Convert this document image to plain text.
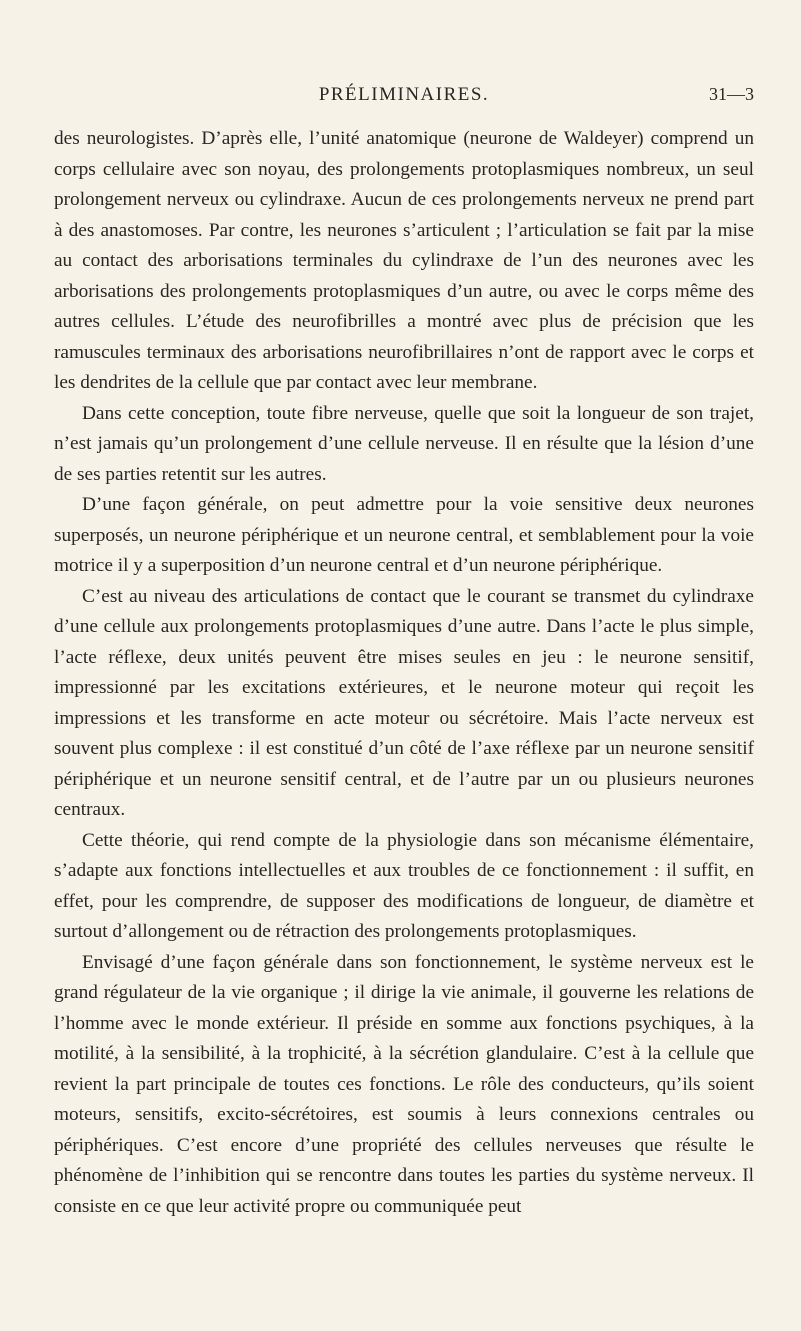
PRÉLIMINAIRES.	31—3

des neurologistes. D’après elle, l’unité anatomique (neurone de Waldeyer) comprend un corps cellulaire avec son noyau, des prolongements protoplasmiques nombreux, un seul prolongement nerveux ou cylindraxe. Aucun de ces prolongements nerveux ne prend part à des anastomoses. Par contre, les neurones s’articulent ; l’articulation se fait par la mise au contact des arborisations terminales du cylindraxe de l’un des neurones avec les arborisations des prolongements protoplasmiques d’un autre, ou avec le corps même des autres cellules. L’étude des neurofibrilles a montré avec plus de précision que les ramuscules terminaux des arborisations neurofibrillaires n’ont de rapport avec le corps et les dendrites de la cellule que par contact avec leur membrane.

Dans cette conception, toute fibre nerveuse, quelle que soit la longueur de son trajet, n’est jamais qu’un prolongement d’une cellule nerveuse. Il en résulte que la lésion d’une de ses parties retentit sur les autres.

D’une façon générale, on peut admettre pour la voie sensitive deux neurones superposés, un neurone périphérique et un neurone central, et semblablement pour la voie motrice il y a superposition d’un neurone central et d’un neurone périphérique.

C’est au niveau des articulations de contact que le courant se transmet du cylindraxe d’une cellule aux prolongements protoplasmiques d’une autre. Dans l’acte le plus simple, l’acte réflexe, deux unités peuvent être mises seules en jeu : le neurone sensitif, impressionné par les excitations extérieures, et le neurone moteur qui reçoit les impressions et les transforme en acte moteur ou sécrétoire. Mais l’acte nerveux est souvent plus complexe : il est constitué d’un côté de l’axe réflexe par un neurone sensitif périphérique et un neurone sensitif central, et de l’autre par un ou plusieurs neurones centraux.

Cette théorie, qui rend compte de la physiologie dans son mécanisme élémentaire, s’adapte aux fonctions intellectuelles et aux troubles de ce fonctionnement : il suffit, en effet, pour les comprendre, de supposer des modifications de longueur, de diamètre et surtout d’allongement ou de rétraction des prolongements protoplasmiques.

Envisagé d’une façon générale dans son fonctionnement, le système nerveux est le grand régulateur de la vie organique ; il dirige la vie animale, il gouverne les relations de l’homme avec le monde extérieur. Il préside en somme aux fonctions psychiques, à la motilité, à la sensibilité, à la trophicité, à la sécrétion glandulaire. C’est à la cellule que revient la part principale de toutes ces fonctions. Le rôle des conducteurs, qu’ils soient moteurs, sensitifs, excito-sécrétoires, est soumis à leurs connexions centrales ou périphériques. C’est encore d’une propriété des cellules nerveuses que résulte le phénomène de l’inhibition qui se rencontre dans toutes les parties du système nerveux. Il consiste en ce que leur activité propre ou communiquée peut
